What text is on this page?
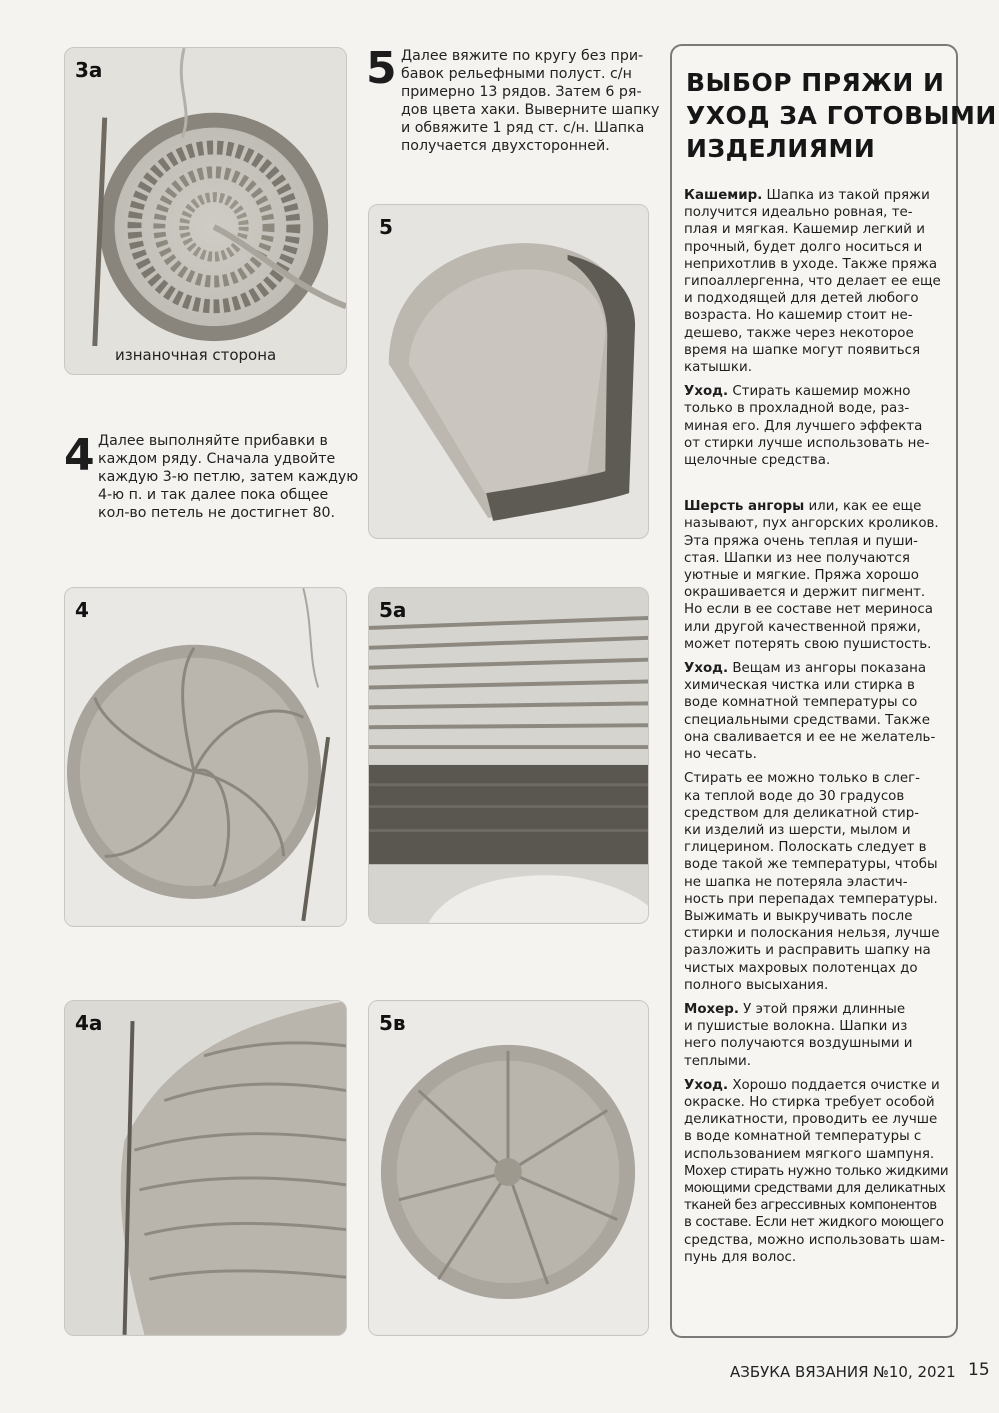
3а
изнаночная сторона
5 Далее вяжите по кругу без при-

бавок рельефными полуст. с/н

примерно 13 рядов. Затем 6 ря-

дов цвета хаки. Выверните шапку

и обвяжите 1 ряд ст. с/н. Шапка

получается двухсторонней.

5
4 Далее выполняйте прибавки в

каждом ряду. Сначала удвойте

каждую 3-ю петлю, затем каждую

4-ю п. и так далее пока общее

кол-во петель не достигнет 80.

4	5а
4а	5в

ВЫБОР ПРЯЖИ И

УХОД ЗА ГОТОВЫМИ

ИЗДЕЛИЯМИ

Кашемир. Шапка из такой пряжи

получится идеально ровная, те-

плая и мягкая. Кашемир легкий и

прочный, будет долго носиться и

неприхотлив в уходе. Также пряжа

гипоаллергенна, что делает ее еще

и подходящей для детей любого

возраста. Но кашемир стоит не-

дешево, также через некоторое

время на шапке могут появиться

катышки.

Уход. Стирать кашемир можно

только в прохладной воде, раз-

миная его. Для лучшего эффекта

от стирки лучше использовать не-

щелочные средства.

Шерсть ангоры или, как ее еще

называют, пух ангорских кроликов.

Эта пряжа очень теплая и пуши-

стая. Шапки из нее получаются

уютные и мягкие. Пряжа хорошо

окрашивается и держит пигмент.

Но если в ее составе нет мериноса

или другой качественной пряжи,

может потерять свою пушистость.

Уход. Вещам из ангоры показана

химическая чистка или стирка в

воде комнатной температуры со

специальными средствами. Также

она сваливается и ее не желатель-

но чесать.

Стирать ее можно только в слег-

ка теплой воде до 30 градусов

средством для деликатной стир-

ки изделий из шерсти, мылом и

глицерином. Полоскать следует в

воде такой же температуры, чтобы

не шапка не потеряла эластич-

ность при перепадах температуры.

Выжимать и выкручивать после

стирки и полоскания нельзя, лучше

разложить и расправить шапку на

чистых махровых полотенцах до

полного высыхания.

Мохер. У этой пряжи длинные

и пушистые волокна. Шапки из

него получаются воздушными и

теплыми.

Уход. Хорошо поддается очистке и

окраске. Но стирка требует особой

деликатности, проводить ее лучше

в воде комнатной температуры с

использованием мягкого шампуня.

Мохер стирать нужно только жидкими

моющими средствами для деликатных

тканей без агрессивных компонентов

в составе. Если нет жидкого моющего

средства, можно использовать шам-

пунь для волос.

АЗБУКА ВЯЗАНИЯ №10, 2021 15
